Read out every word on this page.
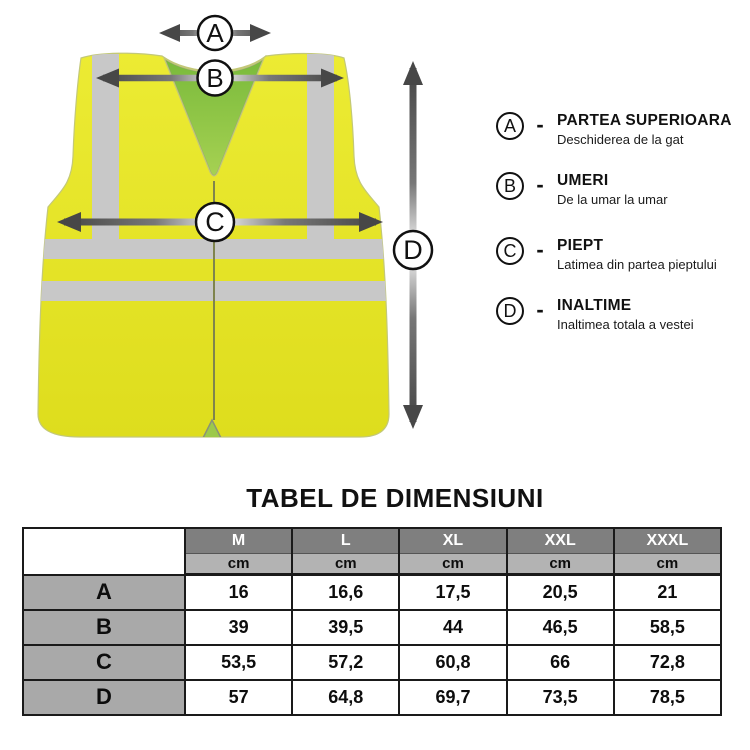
A
B
C
D
A - PARTEA SUPERIOARA
Deschiderea de la gat
B - UMERI
De la umar la umar
C - PIEPT
Latimea din partea pieptului
D - INALTIME
Inaltimea totala a vestei
TABEL DE DIMENSIUNI
	M	L	XL	XXL	XXXL
	cm	cm	cm	cm	cm
A	16	16,6	17,5	20,5	21
B	39	39,5	44	46,5	58,5
C	53,5	57,2	60,8	66	72,8
D	57	64,8	69,7	73,5	78,5
